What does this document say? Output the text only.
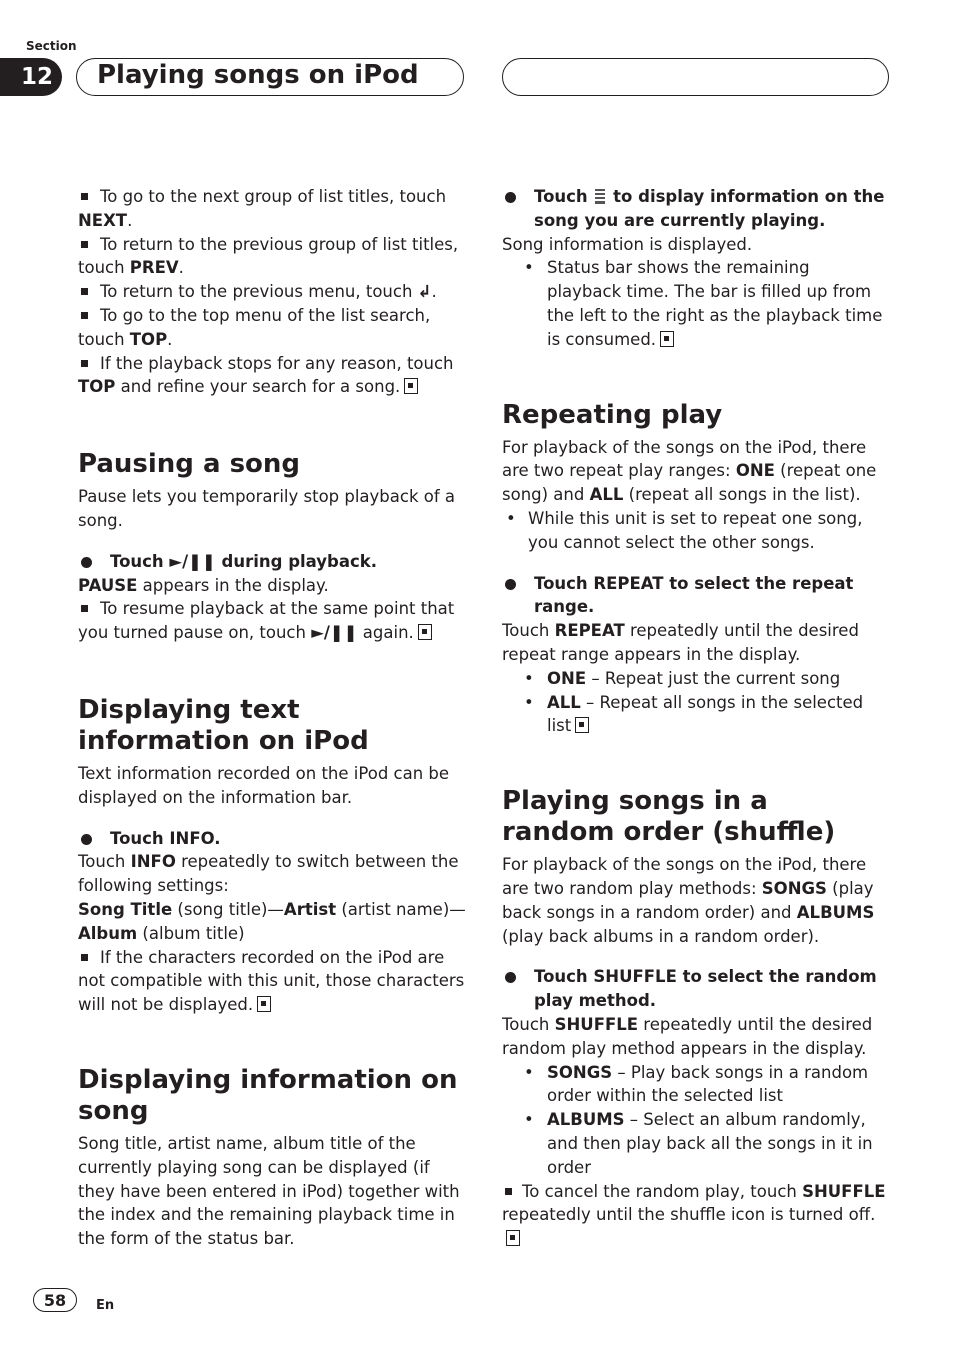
Section
12	Playing songs on iPod

To go to the next group of list titles, touch NEXT.

To return to the previous group of list titles, touch PREV.

To return to the previous menu, touch ↲.

To go to the top menu of the list search, touch TOP.

If the playback stops for any reason, touch TOP and refine your search for a song.

Pausing a song

Pause lets you temporarily stop playback of a song.

Touch ►/❚❚ during playback.

PAUSE appears in the display.

To resume playback at the same point that you turned pause on, touch ►/❚❚ again.

Displaying text information on iPod

Text information recorded on the iPod can be displayed on the information bar.

Touch INFO.

Touch INFO repeatedly to switch between the following settings:

Song Title (song title)—Artist (artist name)—Album (album title)

If the characters recorded on the iPod are not compatible with this unit, those characters will not be displayed.

Displaying information on song

Song title, artist name, album title of the currently playing song can be displayed (if they have been entered in iPod) together with the index and the remaining playback time in the form of the status bar.

Touch  to display information on the song you are currently playing.

Song information is displayed.

• Status bar shows the remaining playback time. The bar is filled up from the left to the right as the playback time is consumed.

Repeating play

For playback of the songs on the iPod, there are two repeat play ranges: ONE (repeat one song) and ALL (repeat all songs in the list).

• While this unit is set to repeat one song, you cannot select the other songs.

Touch REPEAT to select the repeat range.

Touch REPEAT repeatedly until the desired repeat range appears in the display.

• ONE – Repeat just the current song

• ALL – Repeat all songs in the selected list

Playing songs in a random order (shuffle)

For playback of the songs on the iPod, there are two random play methods: SONGS (play back songs in a random order) and ALBUMS (play back albums in a random order).

Touch SHUFFLE to select the random play method.

Touch SHUFFLE repeatedly until the desired random play method appears in the display.

• SONGS – Play back songs in a random order within the selected list

• ALBUMS – Select an album randomly, and then play back all the songs in it in order

To cancel the random play, touch SHUFFLE repeatedly until the shuffle icon is turned off.

58	En
